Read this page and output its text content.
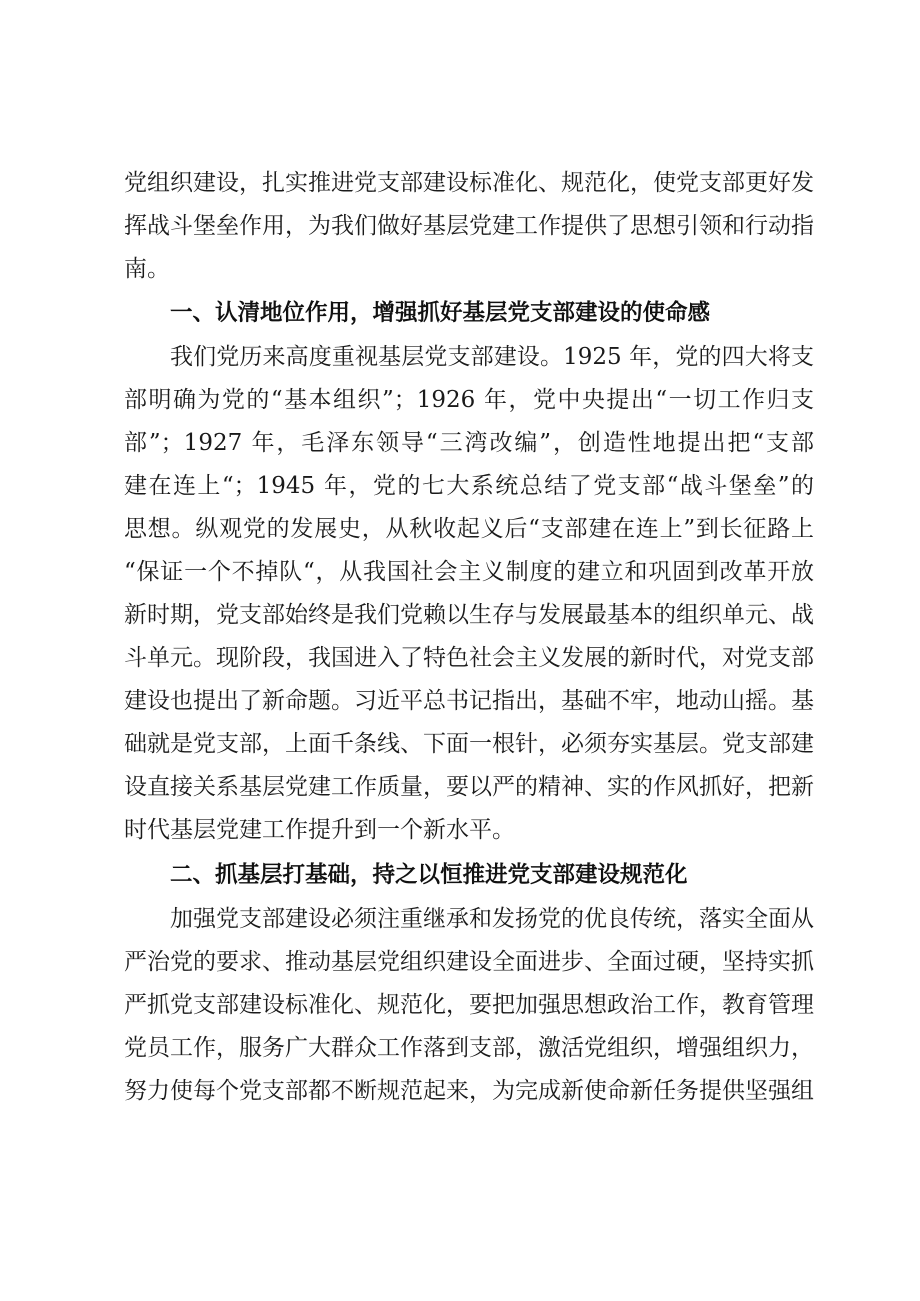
党组织建设，扎实推进党支部建设标准化、规范化，使党支部更好发
挥战斗堡垒作用，为我们做好基层党建工作提供了思想引领和行动指
南。
一、认清地位作用，增强抓好基层党支部建设的使命感
我们党历来高度重视基层党支部建设。1925 年，党的四大将支
部明确为党的“基本组织”；1926 年，党中央提出“一切工作归支
部”；1927 年，毛泽东领导“三湾改编”，创造性地提出把“支部
建在连上“；1945 年，党的七大系统总结了党支部“战斗堡垒”的
思想。纵观党的发展史，从秋收起义后“支部建在连上”到长征路上
“保证一个不掉队“，从我国社会主义制度的建立和巩固到改革开放
新时期，党支部始终是我们党赖以生存与发展最基本的组织单元、战
斗单元。现阶段，我国进入了特色社会主义发展的新时代，对党支部
建设也提出了新命题。习近平总书记指出，基础不牢，地动山摇。基
础就是党支部，上面千条线、下面一根针，必须夯实基层。党支部建
设直接关系基层党建工作质量，要以严的精神、实的作风抓好，把新
时代基层党建工作提升到一个新水平。
二、抓基层打基础，持之以恒推进党支部建设规范化
加强党支部建设必须注重继承和发扬党的优良传统，落实全面从
严治党的要求、推动基层党组织建设全面进步、全面过硬，坚持实抓
严抓党支部建设标准化、规范化，要把加强思想政治工作，教育管理
党员工作，服务广大群众工作落到支部，激活党组织，增强组织力，
努力使每个党支部都不断规范起来，为完成新使命新任务提供坚强组
